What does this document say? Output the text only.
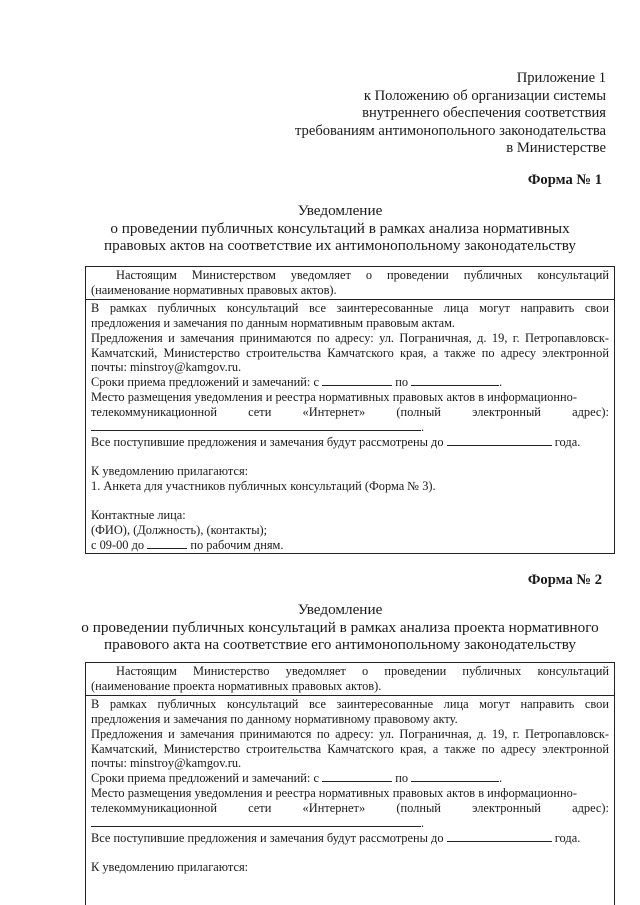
Приложение 1
к Положению об организации системы
внутреннего обеспечения соответствия
требованиям антимонопольного законодательства
в Министерстве
Форма № 1
Уведомление
о проведении публичных консультаций в рамках анализа нормативных
правовых актов на соответствие их антимонопольному законодательству

Настоящим Министерством уведомляет о проведении публичных консультаций

(наименование нормативных правовых актов).

В рамках публичных консультаций все заинтересованные лица могут направить свои предложения и замечания по данным нормативным правовым актам.

Предложения и замечания принимаются по адресу: ул. Пограничная, д. 19, г. Петропавловск-Камчатский, Министерство строительства Камчатского края, а также по адресу электронной почты: minstroy@kamgov.ru.

Сроки приема предложений и замечаний: с	по	.

Место размещения уведомления и реестра нормативных правовых актов в информационно-

телекоммуникационной	сети	«Интернет»	(полный	электронный	адрес):

.

Все поступившие предложения и замечания будут рассмотрены до	года.

К уведомлению прилагаются:

1. Анкета для участников публичных консультаций (Форма № 3).

Контактные лица:

(ФИО), (Должность), (контакты);

с 09-00 до	по рабочим дням.

Форма № 2
Уведомление
о проведении публичных консультаций в рамках анализа проекта нормативного
правового акта на соответствие его антимонопольному законодательству

Настоящим Министерство уведомляет о проведении публичных консультаций

(наименование проекта нормативных правовых актов).

В рамках публичных консультаций все заинтересованные лица могут направить свои предложения и замечания по данному нормативному правовому акту.

Предложения и замечания принимаются по адресу: ул. Пограничная, д. 19, г. Петропавловск-Камчатский, Министерство строительства Камчатского края, а также по адресу электронной почты: minstroy@kamgov.ru.

Сроки приема предложений и замечаний: с	по	.

Место размещения уведомления и реестра нормативных правовых актов в информационно-

телекоммуникационной	сети	«Интернет»	(полный	электронный	адрес):

.

Все поступившие предложения и замечания будут рассмотрены до	года.

К уведомлению прилагаются:
